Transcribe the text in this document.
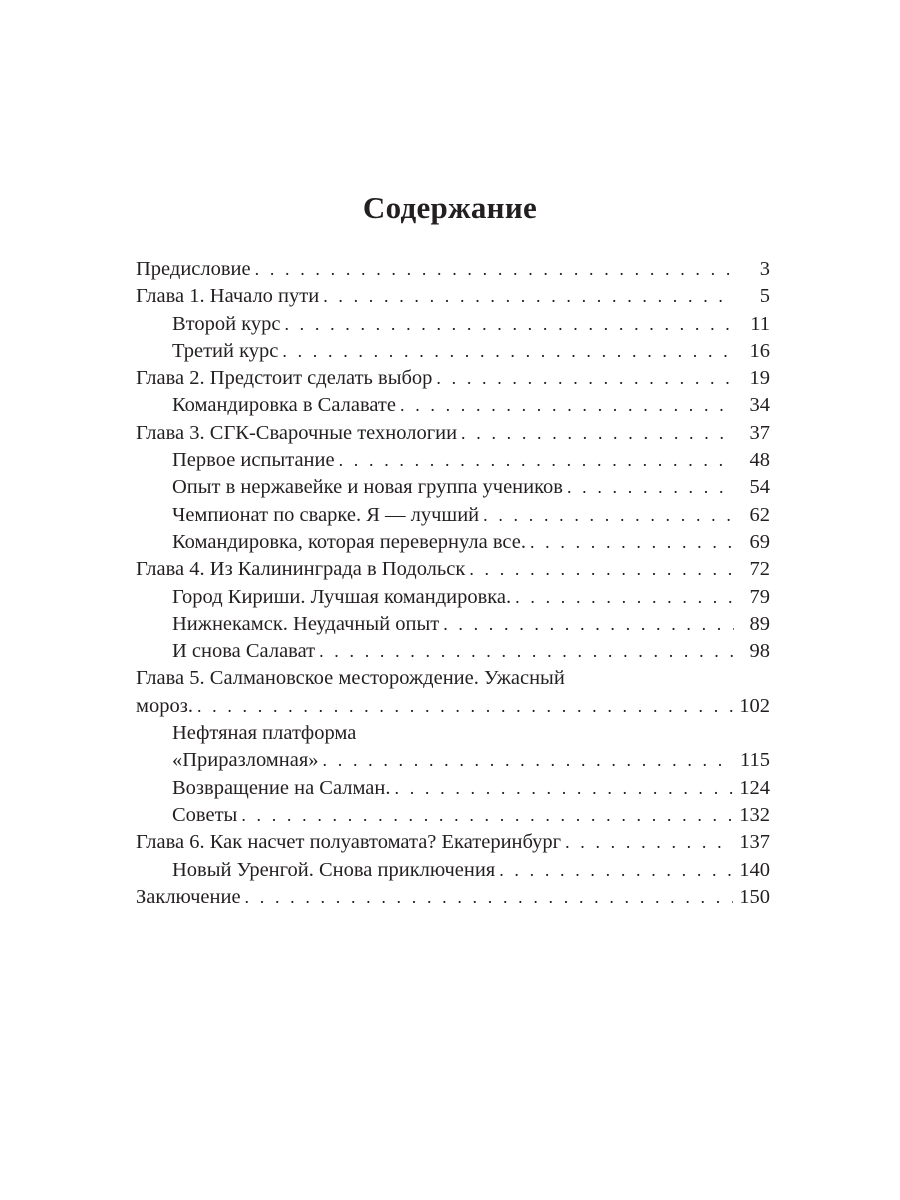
Содержание
Предисловие . . .	3
Глава 1. Начало пути . . .	5
Второй курс . . .	11
Третий курс . . .	16
Глава 2. Предстоит сделать выбор . . .	19
Командировка в Салавате . . .	34
Глава 3. СГК-Сварочные технологии . . .	37
Первое испытание . . .	48
Опыт в нержавейке и новая группа учеников . . .	54
Чемпионат по сварке. Я — лучший . . .	62
Командировка, которая перевернула все. . . .	69
Глава 4. Из Калининграда в Подольск . . .	72
Город Кириши. Лучшая командировка. . . .	79
Нижнекамск. Неудачный опыт . . .	89
И снова Салават . . .	98
Глава 5. Салмановское месторождение. Ужасный
мороз. . . .	102
Нефтяная платформа
«Приразломная» . . .	115
Возвращение на Салман. . . .	124
Советы . . .	132
Глава 6. Как насчет полуавтомата? Екатеринбург . . .	137
Новый Уренгой. Снова приключения . . .	140
Заключение . . .	150
